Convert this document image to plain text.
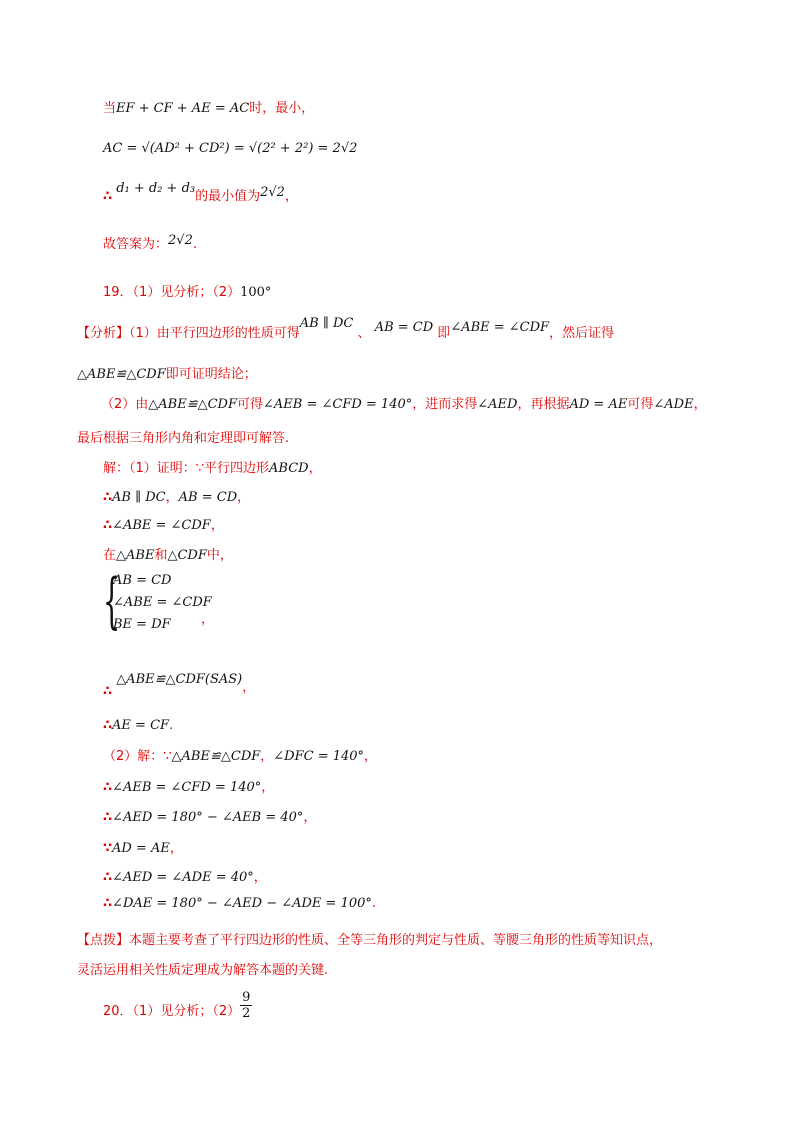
当EF + CF + AE = AC时，最小，
AC = √(AD² + CD²) = √(2² + 2²) = 2√2
∴ d₁ + d₂ + d₃的最小值为2√2，
故答案为：2√2.
19．（1）见分析；（2）100°
【分析】（1）由平行四边形的性质可得AB ∥ DC 、 AB = CD 即∠ABE = ∠CDF，然后证得
△ABE≌△CDF即可证明结论；
（2）由△ABE≌△CDF可得∠AEB = ∠CFD = 140°，进而求得∠AED，再根据AD = AE可得∠ADE，
最后根据三角形内角和定理即可解答.
解：（1）证明：∵平行四边形ABCD，
∴AB ∥ DC，AB = CD，
∴∠ABE = ∠CDF，
在△ABE和△CDF中，
{
AB = CD
∠ABE = ∠CDF
BE = DF ，
∴ △ABE≌△CDF(SAS)，
∴AE = CF.
（2）解：∵△ABE≌△CDF，∠DFC = 140°，
∴∠AEB = ∠CFD = 140°，
∴∠AED = 180° − ∠AEB = 40°，
∵AD = AE，
∴∠AED = ∠ADE = 40°，
∴∠DAE = 180° − ∠AED − ∠ADE = 100°.
【点拨】本题主要考查了平行四边形的性质、全等三角形的判定与性质、等腰三角形的性质等知识点，
灵活运用相关性质定理成为解答本题的关键.
20．（1）见分析；$(2) \frac{9}{2}$
